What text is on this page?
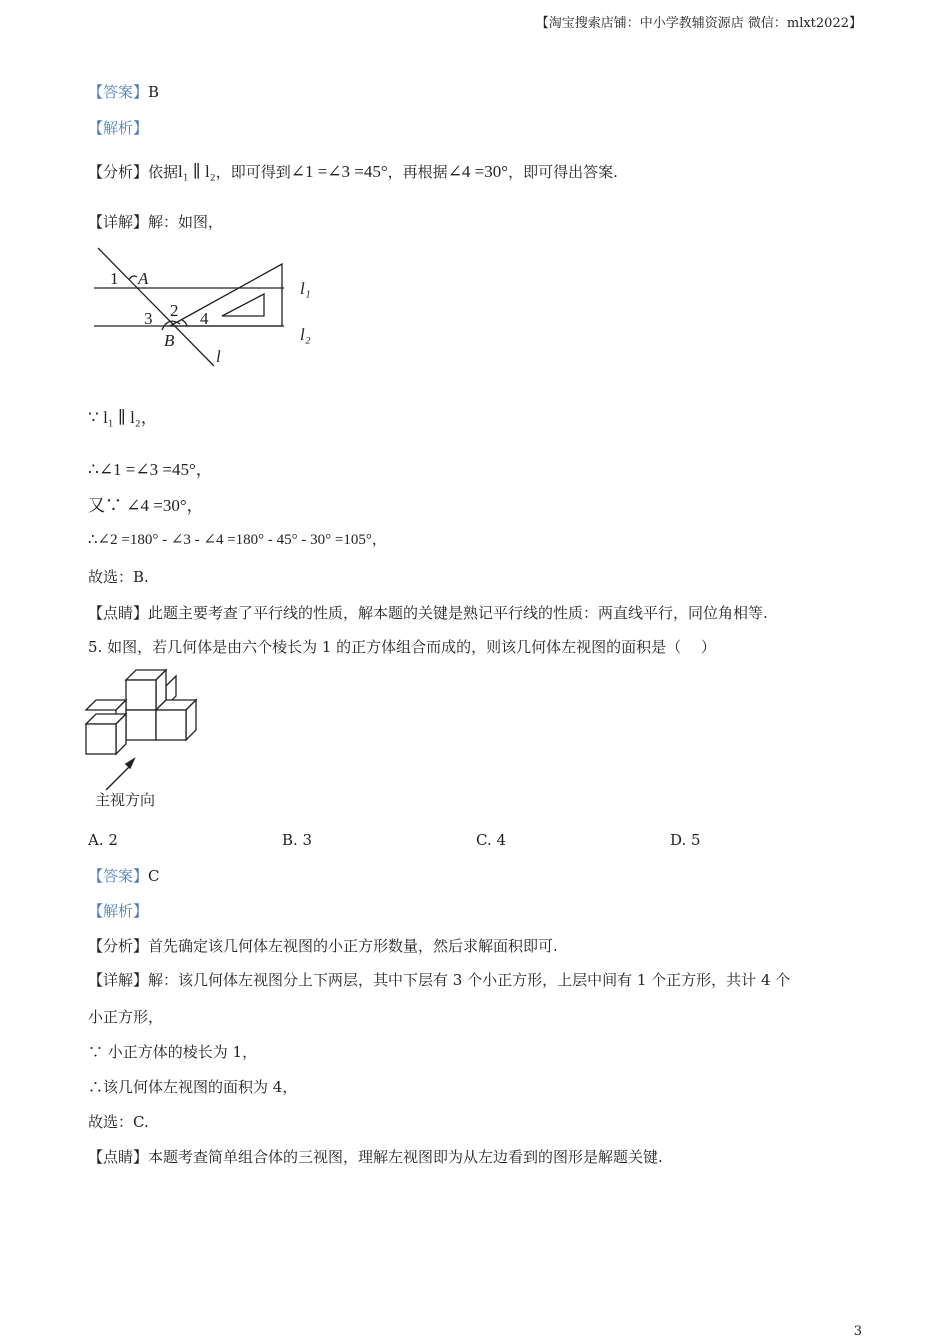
【淘宝搜索店铺：中小学教辅资源店 微信：mlxt2022】
【答案】B
【解析】
【分析】依据l₁ ∥ l₂，即可得到∠1 =∠3 =45°，再根据∠4 =30°，即可得出答案.
【详解】解：如图，
1 A
2
3	4
B
l
l₁
l₂
∵ l₁ ∥ l₂，
∴∠1 =∠3 =45°，
又∵ ∠4 =30°，
∴∠2 =180° - ∠3 - ∠4 =180° - 45° - 30° =105°，
故选：B.
【点睛】此题主要考查了平行线的性质，解本题的关键是熟记平行线的性质：两直线平行，同位角相等.
5. 如图，若几何体是由六个棱长为 1 的正方体组合而成的，则该几何体左视图的面积是（　 ）
主视方向
A. 2	B. 3	C. 4	D. 5
【答案】C
【解析】
【分析】首先确定该几何体左视图的小正方形数量，然后求解面积即可.
【详解】解：该几何体左视图分上下两层，其中下层有 3 个小正方形，上层中间有 1 个正方形，共计 4 个
小正方形，
∵ 小正方体的棱长为 1，
∴该几何体左视图的面积为 4，
故选：C.
【点睛】本题考查简单组合体的三视图，理解左视图即为从左边看到的图形是解题关键.
3
